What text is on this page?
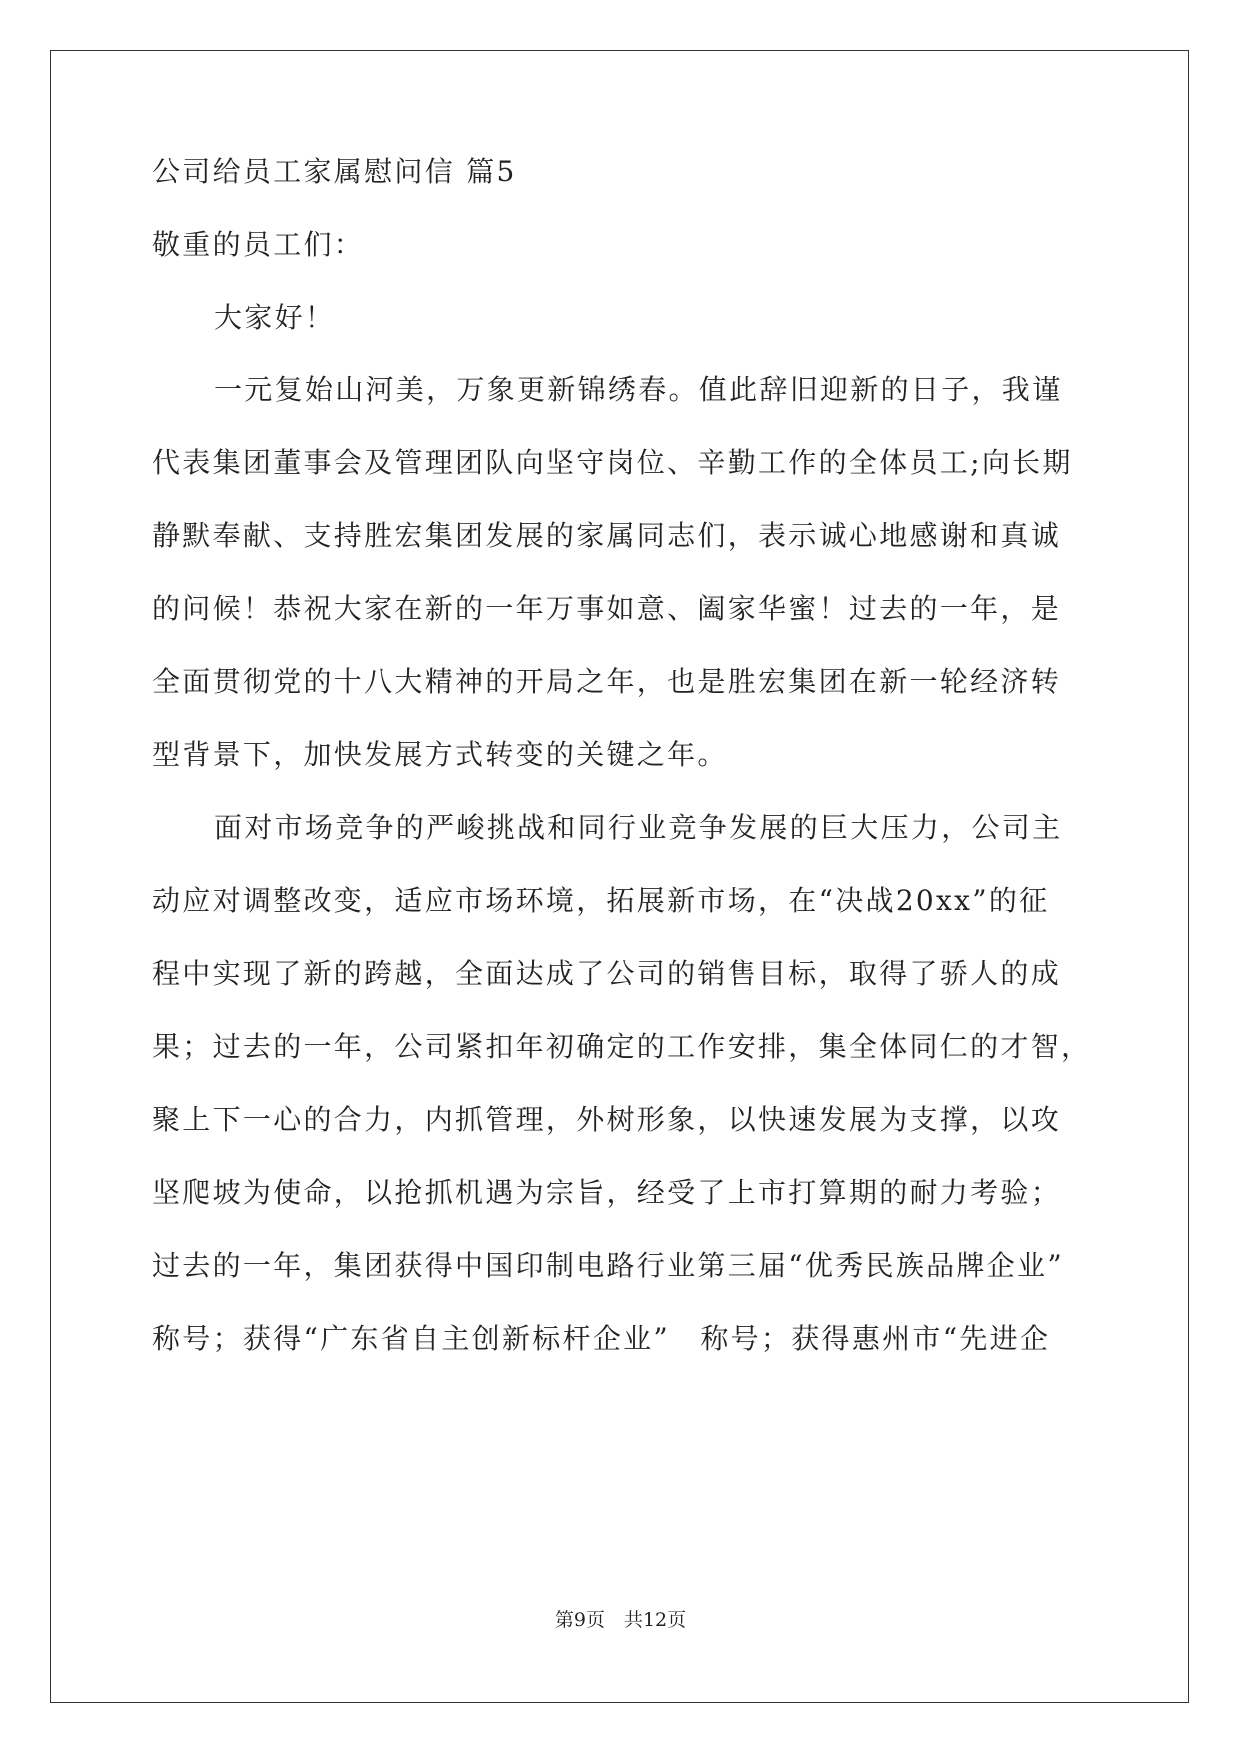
公司给员工家属慰问信 篇5
敬重的员工们：
大家好！
一元复始山河美，万象更新锦绣春。值此辞旧迎新的日子，我谨
代表集团董事会及管理团队向坚守岗位、辛勤工作的全体员工;向长期
静默奉献、支持胜宏集团发展的家属同志们，表示诚心地感谢和真诚
的问候！恭祝大家在新的一年万事如意、阖家华蜜！过去的一年，是
全面贯彻党的十八大精神的开局之年，也是胜宏集团在新一轮经济转
型背景下，加快发展方式转变的关键之年。
面对市场竞争的严峻挑战和同行业竞争发展的巨大压力，公司主
动应对调整改变，适应市场环境，拓展新市场，在“决战20xx”的征
程中实现了新的跨越，全面达成了公司的销售目标，取得了骄人的成
果；过去的一年，公司紧扣年初确定的工作安排，集全体同仁的才智，
聚上下一心的合力，内抓管理，外树形象，以快速发展为支撑，以攻
坚爬坡为使命，以抢抓机遇为宗旨，经受了上市打算期的耐力考验；
过去的一年，集团获得中国印制电路行业第三届“优秀民族品牌企业”
称号；获得“广东省自主创新标杆企业”　称号；获得惠州市“先进企
第9页　共12页
